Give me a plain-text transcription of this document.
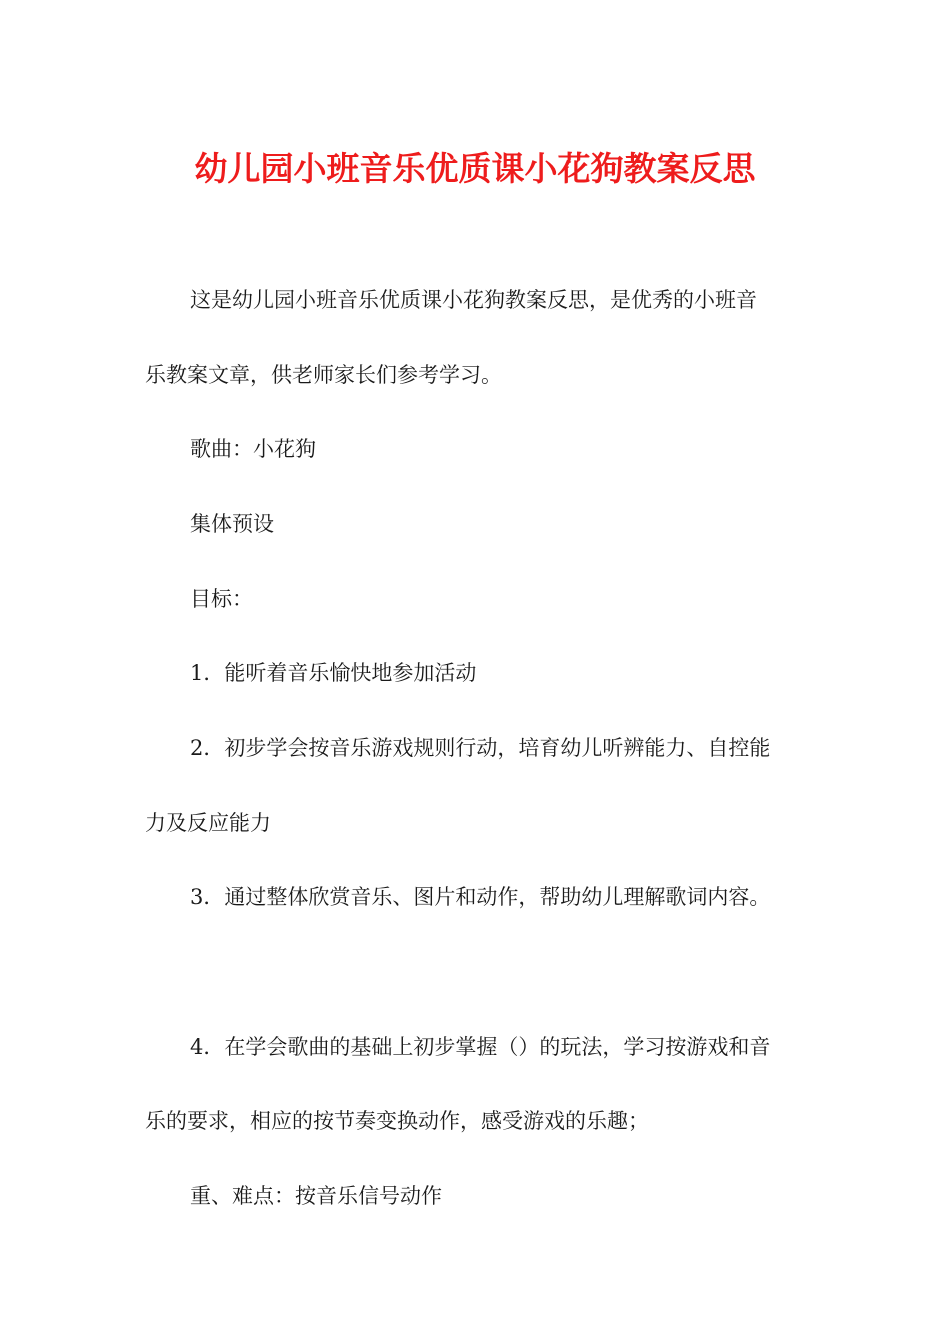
幼儿园小班音乐优质课小花狗教案反思

这是幼儿园小班音乐优质课小花狗教案反思，是优秀的小班音

乐教案文章，供老师家长们参考学习。

歌曲：小花狗

集体预设

目标：

1．能听着音乐愉快地参加活动

2．初步学会按音乐游戏规则行动，培育幼儿听辨能力、自控能

力及反应能力

3．通过整体欣赏音乐、图片和动作，帮助幼儿理解歌词内容。

4．在学会歌曲的基础上初步掌握（）的玩法，学习按游戏和音

乐的要求，相应的按节奏变换动作，感受游戏的乐趣；

重、难点：按音乐信号动作
